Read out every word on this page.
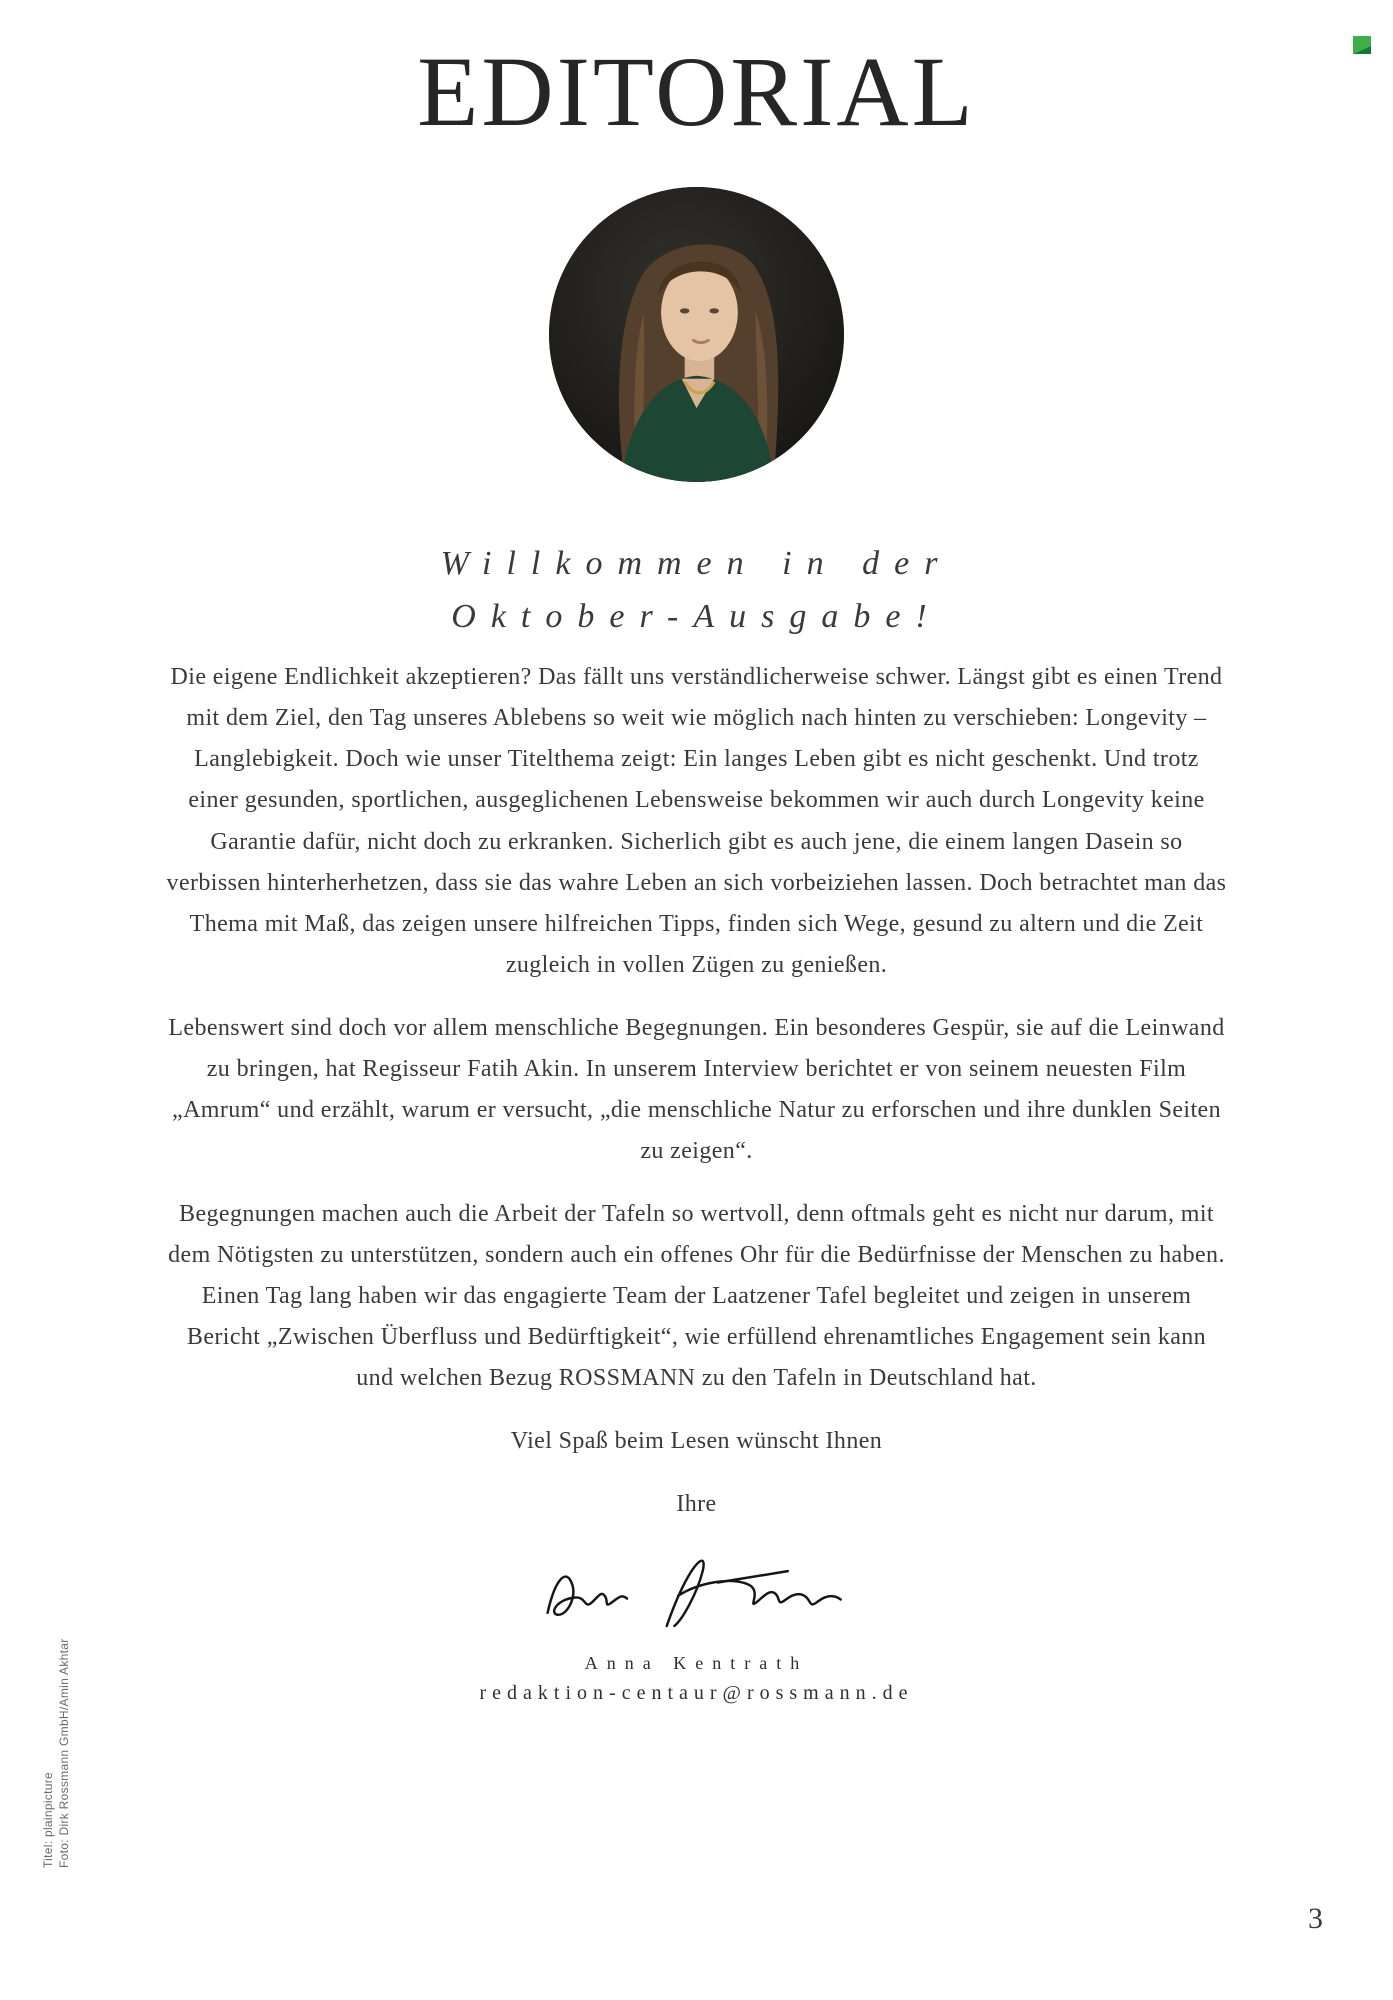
EDITORIAL
Willkommen in der
Oktober-Ausgabe!

Die eigene Endlichkeit akzeptieren? Das fällt uns verständlicherweise schwer. Längst gibt es einen Trend mit dem Ziel, den Tag unseres Ablebens so weit wie möglich nach hinten zu verschieben: Longevity – Langlebigkeit. Doch wie unser Titelthema zeigt: Ein langes Leben gibt es nicht geschenkt. Und trotz einer gesunden, sportlichen, ausgeglichenen Lebensweise bekommen wir auch durch Longevity keine Garantie dafür, nicht doch zu erkranken. Sicherlich gibt es auch jene, die einem langen Dasein so verbissen hinterherhetzen, dass sie das wahre Leben an sich vorbeiziehen lassen. Doch betrachtet man das Thema mit Maß, das zeigen unsere hilfreichen Tipps, finden sich Wege, gesund zu altern und die Zeit zugleich in vollen Zügen zu genießen.

Lebenswert sind doch vor allem menschliche Begegnungen. Ein besonderes Gespür, sie auf die Leinwand zu bringen, hat Regisseur Fatih Akin. In unserem Interview berichtet er von seinem neuesten Film „Amrum“ und erzählt, warum er versucht, „die menschliche Natur zu erforschen und ihre dunklen Seiten zu zeigen“.

Begegnungen machen auch die Arbeit der Tafeln so wertvoll, denn oftmals geht es nicht nur darum, mit dem Nötigsten zu unterstützen, sondern auch ein offenes Ohr für die Bedürfnisse der Menschen zu haben. Einen Tag lang haben wir das engagierte Team der Laatzener Tafel begleitet und zeigen in unserem Bericht „Zwischen Überfluss und Bedürftigkeit“, wie erfüllend ehrenamtliches Engagement sein kann und welchen Bezug ROSSMANN zu den Tafeln in Deutschland hat.

Viel Spaß beim Lesen wünscht Ihnen

Ihre

Anna Kentrath
redaktion-centaur@rossmann.de
Titel: plainpicture Foto: Dirk Rossmann GmbH/Amin Akhtar
3
